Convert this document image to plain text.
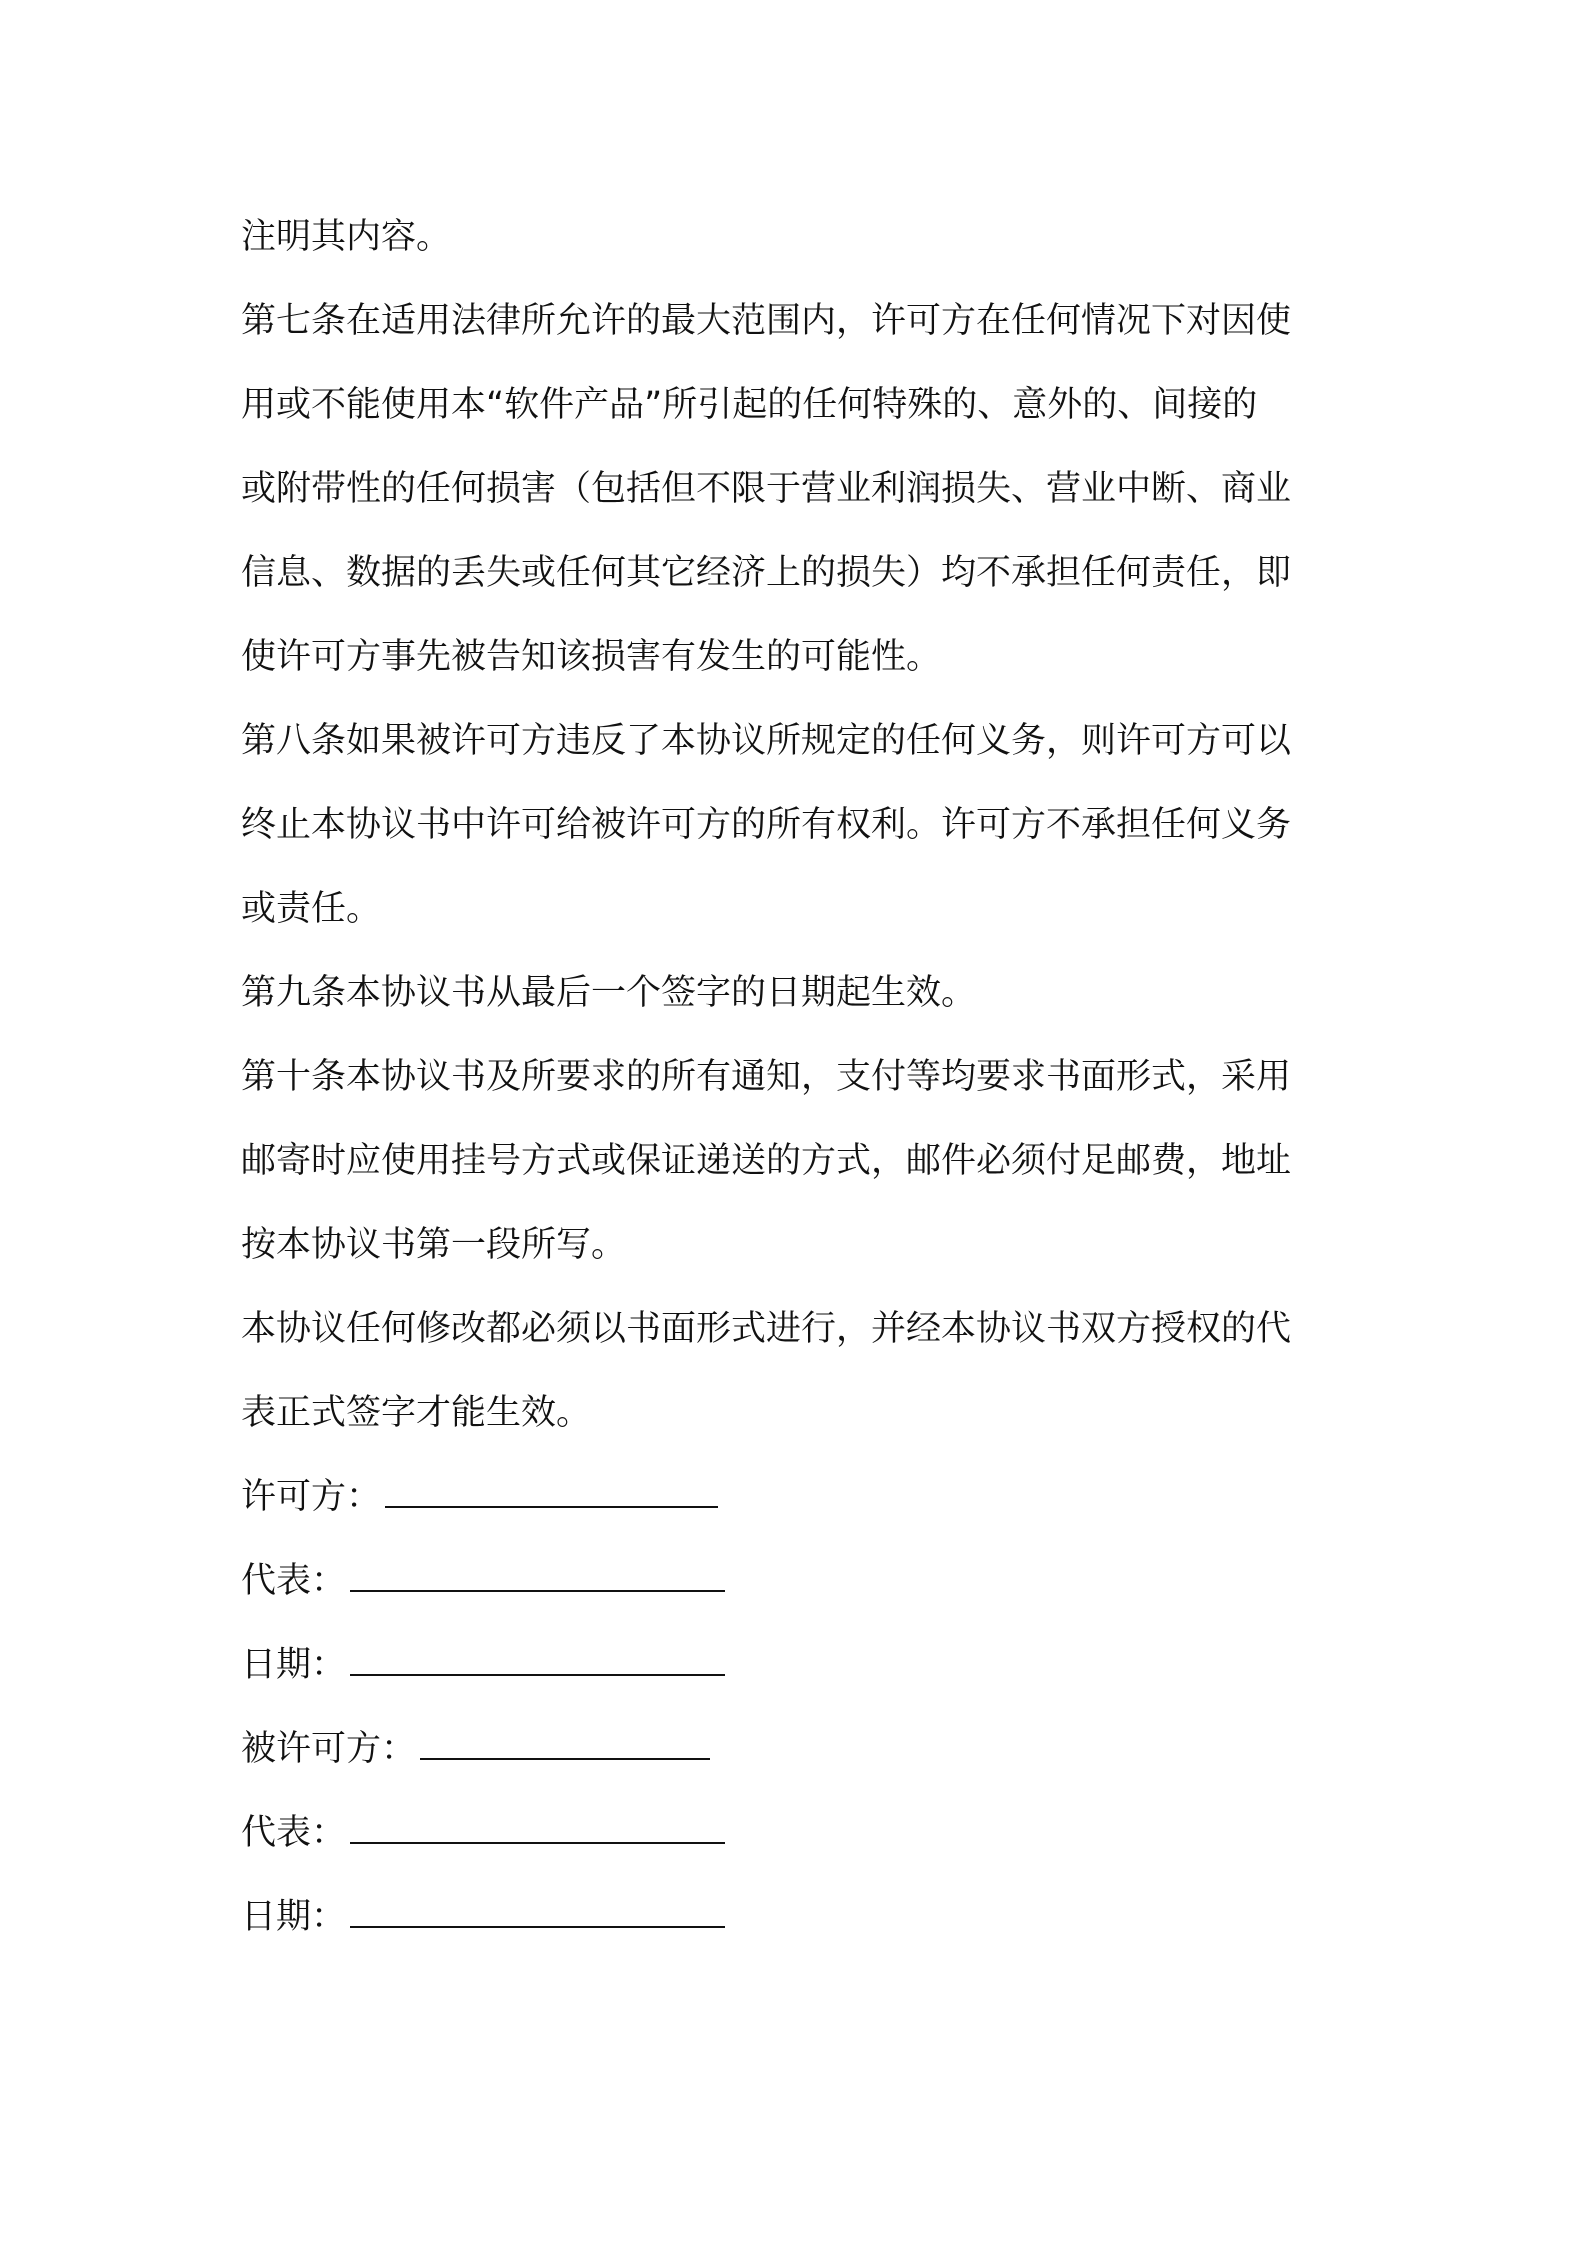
注明其内容。
第七条在适用法律所允许的最大范围内，许可方在任何情况下对因使
用或不能使用本“软件产品”所引起的任何特殊的、意外的、间接的
或附带性的任何损害（包括但不限于营业利润损失、营业中断、商业
信息、数据的丢失或任何其它经济上的损失）均不承担任何责任，即
使许可方事先被告知该损害有发生的可能性。
第八条如果被许可方违反了本协议所规定的任何义务，则许可方可以
终止本协议书中许可给被许可方的所有权利。许可方不承担任何义务
或责任。
第九条本协议书从最后一个签字的日期起生效。
第十条本协议书及所要求的所有通知，支付等均要求书面形式，采用
邮寄时应使用挂号方式或保证递送的方式，邮件必须付足邮费，地址
按本协议书第一段所写。
本协议任何修改都必须以书面形式进行，并经本协议书双方授权的代
表正式签字才能生效。
许可方：
代表：
日期：
被许可方：
代表：
日期：
